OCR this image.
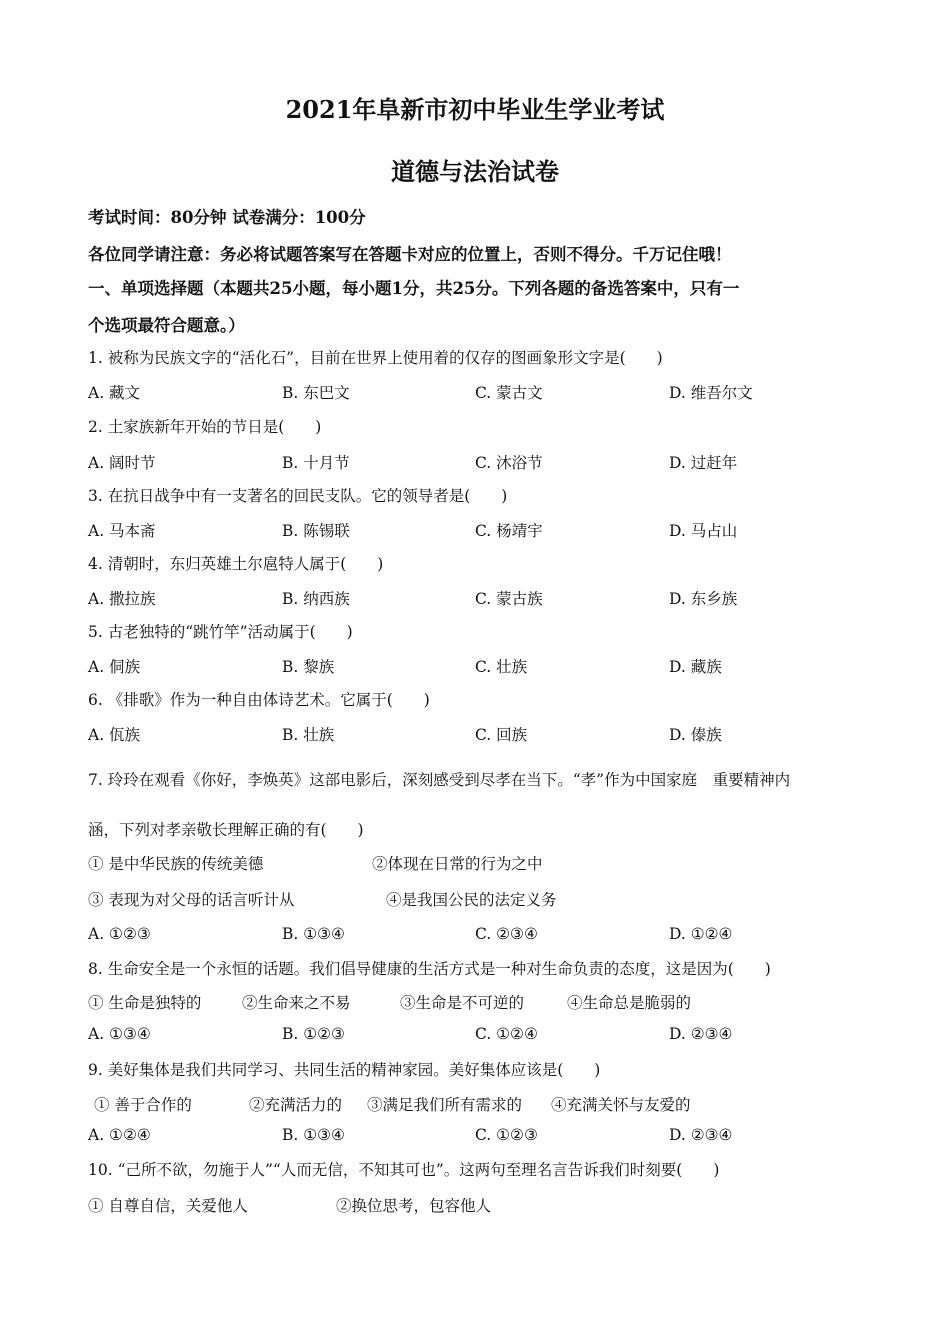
2021年阜新市初中毕业生学业考试
道德与法治试卷
考试时间：80分钟 试卷满分：100分
各位同学请注意：务必将试题答案写在答题卡对应的位置上，否则不得分。千万记住哦！
一、单项选择题（本题共25小题，每小题1分，共25分。下列各题的备选答案中，只有一
个选项最符合题意。）
1. 被称为民族文字的“活化石”，目前在世界上使用着的仅存的图画象形文字是(　　)
A. 藏文	B. 东巴文	C. 蒙古文	D. 维吾尔文
2. 土家族新年开始的节日是(　　)
A. 阔时节	B. 十月节	C. 沐浴节	D. 过赶年
3. 在抗日战争中有一支著名的回民支队。它的领导者是(　　)
A. 马本斋	B. 陈锡联	C. 杨靖宇	D. 马占山
4. 清朝时，东归英雄土尔扈特人属于(　　)
A. 撒拉族	B. 纳西族	C. 蒙古族	D. 东乡族
5. 古老独特的“跳竹竿”活动属于(　　)
A. 侗族	B. 黎族	C. 壮族	D. 藏族
6. 《排歌》作为一种自由体诗艺术。它属于(　　)
A. 佤族	B. 壮族	C. 回族	D. 傣族
7. 玲玲在观看《你好，李焕英》这部电影后，深刻感受到尽孝在当下。“孝”作为中国家庭　重要精神内
涵，下列对孝亲敬长理解正确的有(　　)
① 是中华民族的传统美德	②体现在日常的行为之中
③ 表现为对父母的话言听计从	④是我国公民的法定义务
A. ①②③	B. ①③④	C. ②③④	D. ①②④
8. 生命安全是一个永恒的话题。我们倡导健康的生活方式是一种对生命负责的态度，这是因为(　　)
① 生命是独特的	②生命来之不易	③生命是不可逆的	④生命总是脆弱的
A. ①③④	B. ①②③	C. ①②④	D. ②③④
9. 美好集体是我们共同学习、共同生活的精神家园。美好集体应该是(　　)
① 善于合作的	②充满活力的 ③满足我们所有需求的 ④充满关怀与友爱的
A. ①②④	B. ①③④	C. ①②③	D. ②③④
10. “己所不欲，勿施于人”“人而无信，不知其可也”。这两句至理名言告诉我们时刻要(　　)
① 自尊自信，关爱他人	②换位思考，包容他人
